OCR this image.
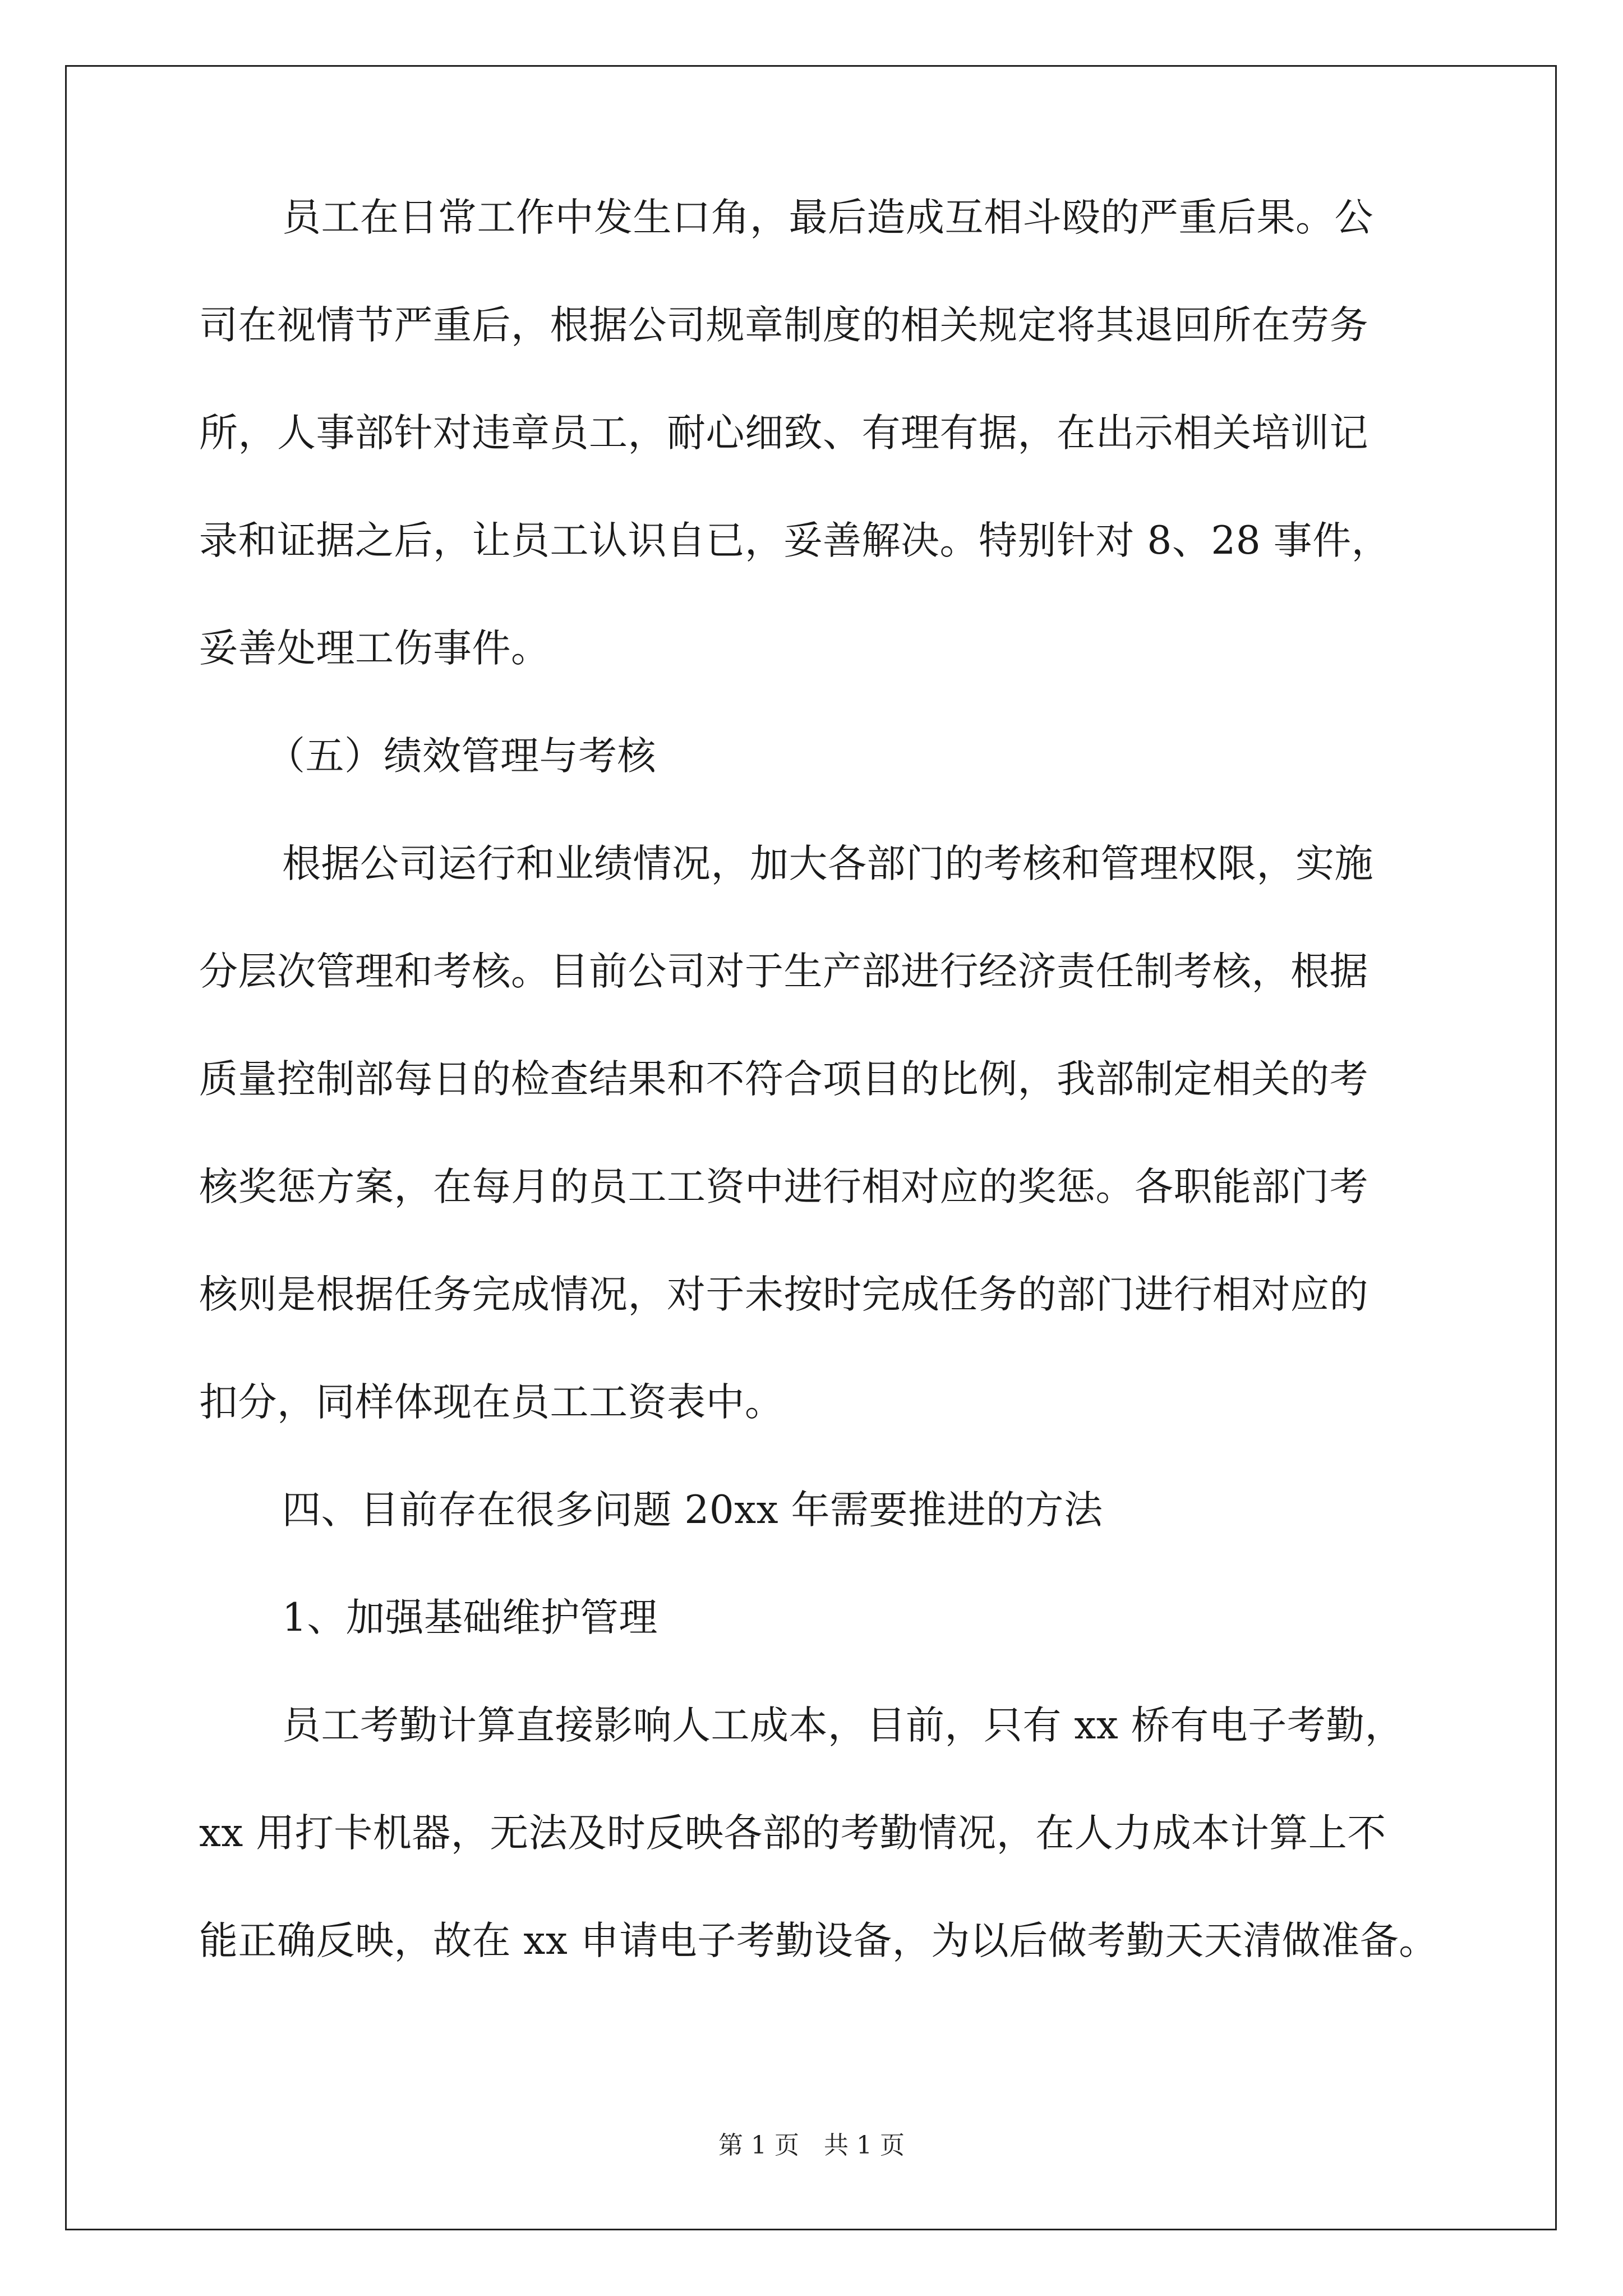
员工在日常工作中发生口角，最后造成互相斗殴的严重后果。公
司在视情节严重后，根据公司规章制度的相关规定将其退回所在劳务
所，人事部针对违章员工，耐心细致、有理有据，在出示相关培训记
录和证据之后，让员工认识自已，妥善解决。特别针对 8、28 事件，
妥善处理工伤事件。
（五）绩效管理与考核
根据公司运行和业绩情况，加大各部门的考核和管理权限，实施
分层次管理和考核。目前公司对于生产部进行经济责任制考核，根据
质量控制部每日的检查结果和不符合项目的比例，我部制定相关的考
核奖惩方案，在每月的员工工资中进行相对应的奖惩。各职能部门考
核则是根据任务完成情况，对于未按时完成任务的部门进行相对应的
扣分，同样体现在员工工资表中。
四、目前存在很多问题 20xx 年需要推进的方法
1、加强基础维护管理
员工考勤计算直接影响人工成本，目前，只有 xx 桥有电子考勤，
xx 用打卡机器，无法及时反映各部的考勤情况，在人力成本计算上不
能正确反映，故在 xx 申请电子考勤设备，为以后做考勤天天清做准备。
第 1 页　共 1 页
